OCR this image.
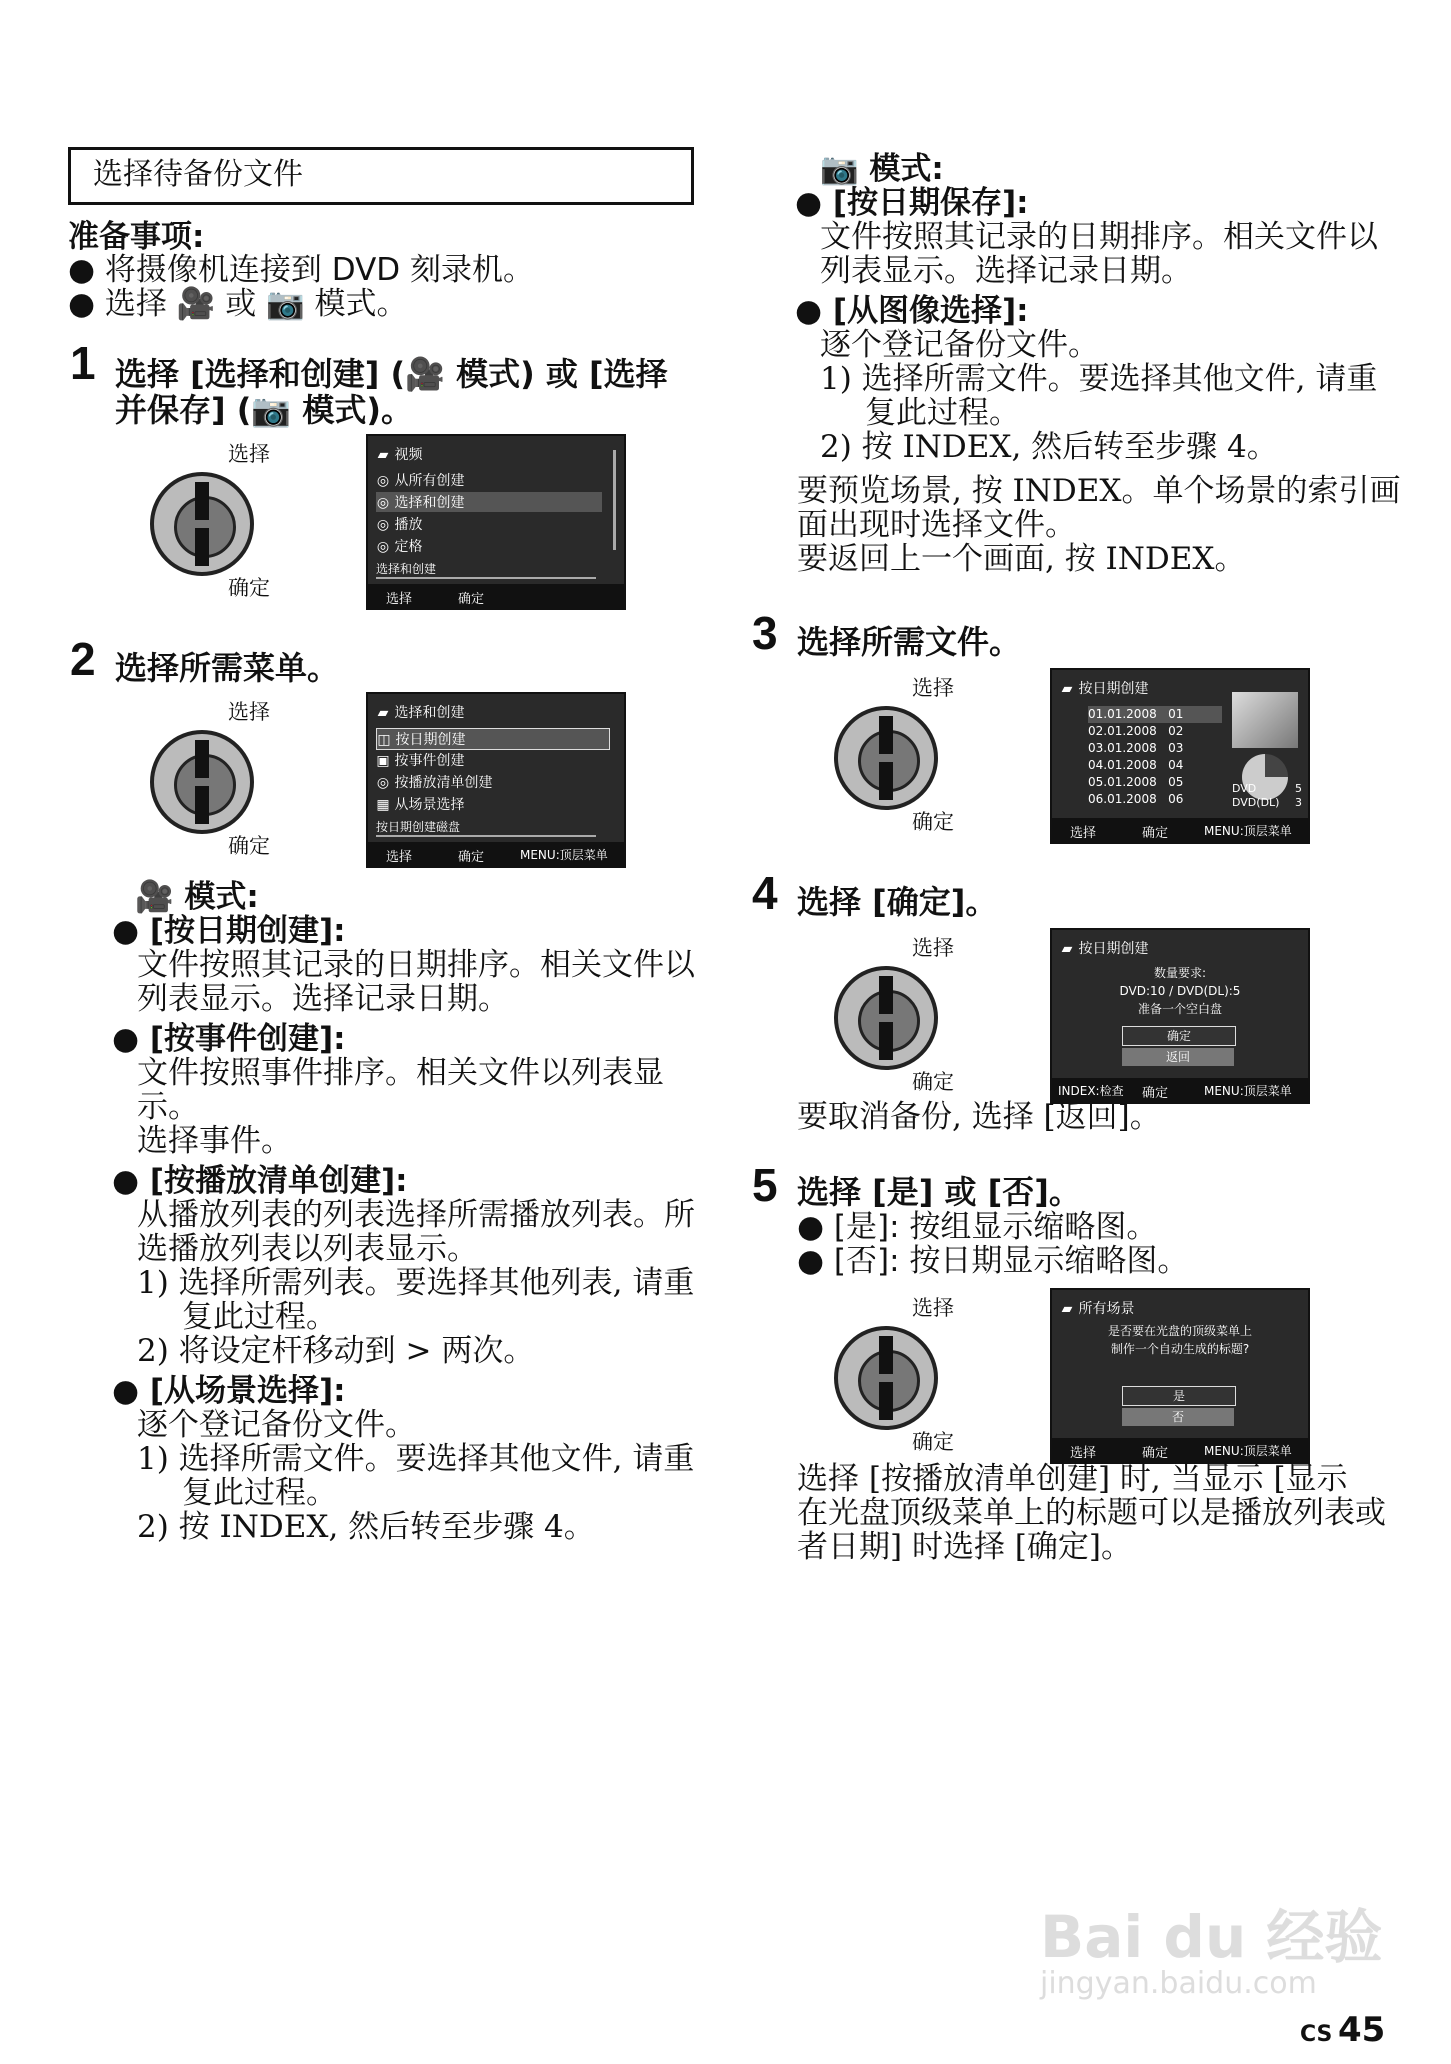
选择待备份文件
准备事项:
● 将摄像机连接到 DVD 刻录机。
● 选择 🎥 或 📷 模式。
1 选择 [选择和创建] (🎥 模式) 或 [选择
并保存] (📷 模式)。
选择
确定
▰ 视频
◎ 从所有创建
◎ 选择和创建
◎ 播放
◎ 定格
选择和创建
选择	确定
2 选择所需菜单。
选择
确定
▰ 选择和创建
◫ 按日期创建
▣ 按事件创建
◎ 按播放清单创建
▦ 从场景选择
按日期创建磁盘
选择	确定	MENU:顶层菜单
🎥 模式:
● [按日期创建]:
文件按照其记录的日期排序。相关文件以
列表显示。选择记录日期。
● [按事件创建]:
文件按照事件排序。相关文件以列表显
示。
选择事件。
● [按播放清单创建]:
从播放列表的列表选择所需播放列表。所
选播放列表以列表显示。
1) 选择所需列表。要选择其他列表, 请重
复此过程。
2) 将设定杆移动到 > 两次。
● [从场景选择]:
逐个登记备份文件。
1) 选择所需文件。要选择其他文件, 请重
复此过程。
2) 按 INDEX, 然后转至步骤 4。
📷 模式:
● [按日期保存]:
文件按照其记录的日期排序。相关文件以
列表显示。选择记录日期。
● [从图像选择]:
逐个登记备份文件。
1) 选择所需文件。要选择其他文件, 请重
复此过程。
2) 按 INDEX, 然后转至步骤 4。
要预览场景, 按 INDEX。单个场景的索引画
面出现时选择文件。
要返回上一个画面, 按 INDEX。
3 选择所需文件。
选择
确定
▰ 按日期创建
01.01.2008 01
02.01.2008 02
03.01.2008 03
04.01.2008 04
05.01.2008 05
06.01.2008 06
DVD	5
DVD(DL) 3
选择	确定	MENU:顶层菜单
4 选择 [确定]。
选择
确定
▰ 按日期创建
数量要求:
DVD:10 / DVD(DL):5
准备一个空白盘
确定
返回
INDEX:检查 确定	MENU:顶层菜单
要取消备份, 选择 [返回]。
5 选择 [是] 或 [否]。
● [是]: 按组显示缩略图。
● [否]: 按日期显示缩略图。
选择
确定
▰ 所有场景
是否要在光盘的顶级菜单上
制作一个自动生成的标题?
是
否
选择	确定	MENU:顶层菜单
选择 [按播放清单创建] 时, 当显示 [显示
在光盘顶级菜单上的标题可以是播放列表或
者日期] 时选择 [确定]。
Bai du 经验
jingyan.baidu.com
CS 45
